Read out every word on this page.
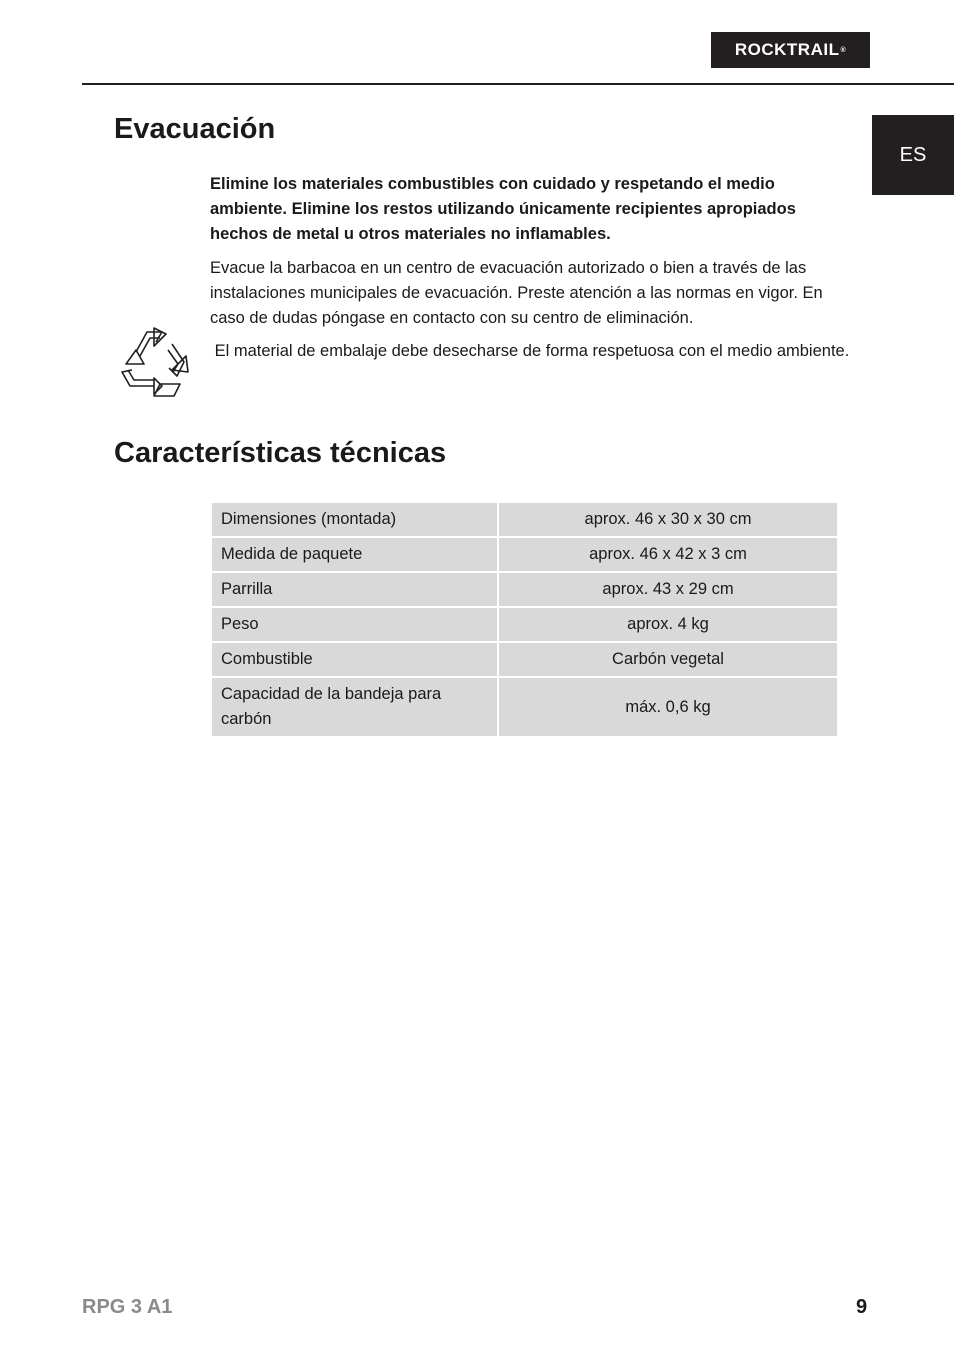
ROCKTRAIL ®
ES
Evacuación

Elimine los materiales combustibles con cuidado y respetando el medio ambiente. Elimine los restos utilizando únicamente recipientes apropiados hechos de metal u otros materiales no inflamables.

Evacue la barbacoa en un centro de evacuación autorizado o bien a través de las instalaciones municipales de evacuación. Preste atención a las normas en vigor. En caso de dudas póngase en contacto con su centro de eliminación.

El material de embalaje debe desecharse de forma respetuosa con el medio ambiente.

Características técnicas
Dimensiones (montada)	aprox. 46 x 30 x 30 cm
Medida de paquete	aprox. 46 x 42 x 3 cm
Parrilla	aprox. 43 x 29 cm
Peso	aprox. 4 kg
Combustible	Carbón vegetal
Capacidad de la bandeja para carbón	máx. 0,6 kg
RPG 3 A1	9
